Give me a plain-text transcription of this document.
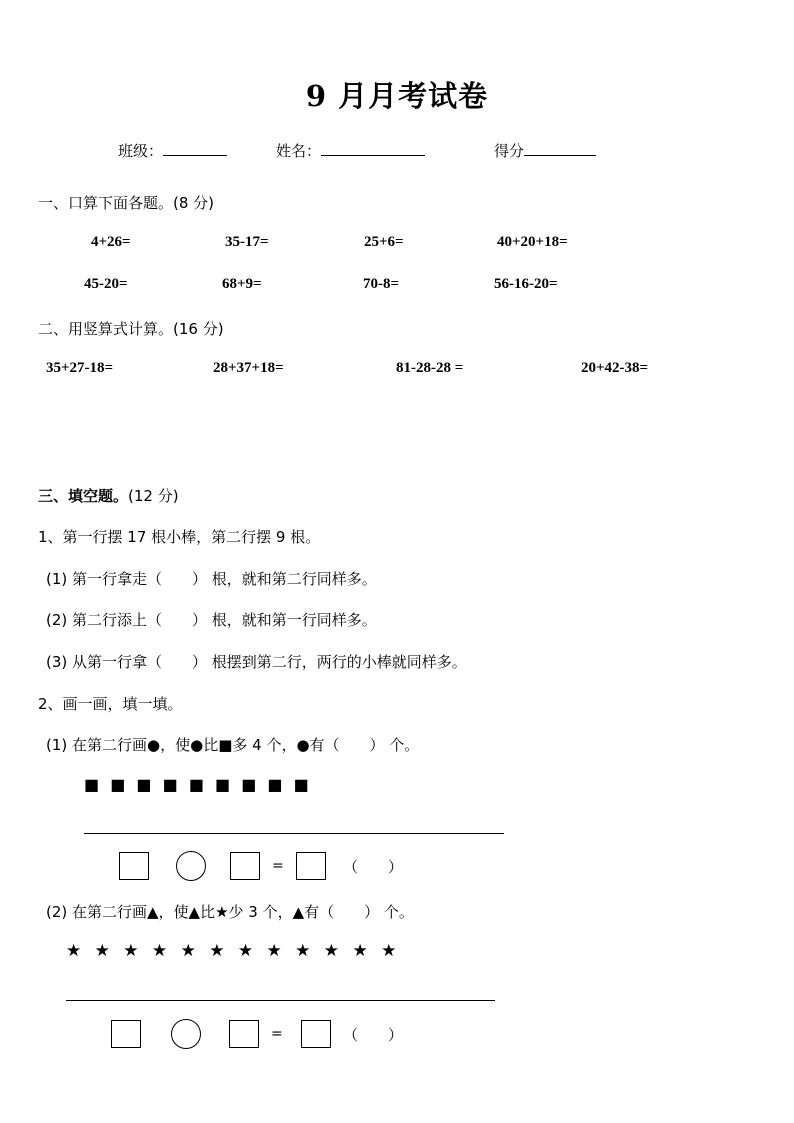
9 月月考试卷
班级：	姓名：	得分
一、口算下面各题。(8 分)
4+26=	35-17=	25+6=	40+20+18=
45-20=	68+9=	70-8=	56-16-20=
二、用竖算式计算。(16 分)
35+27-18=	28+37+18=	81-28-28 =	20+42-38=
三、填空题。(12 分)
1、第一行摆 17 根小棒，第二行摆 9 根。
(1) 第一行拿走（　　） 根，就和第二行同样多。
(2) 第二行添上（　　） 根，就和第一行同样多。
(3) 从第一行拿（　　） 根摆到第二行，两行的小棒就同样多。
2、画一画，填一填。
(1) 在第二行画●，使●比■多 4 个，●有（　　） 个。
■ ■ ■ ■ ■ ■ ■ ■ ■
=	（　　）
(2) 在第二行画▲，使▲比★少 3 个，▲有（　　） 个。
★ ★ ★ ★ ★ ★ ★ ★ ★ ★ ★ ★
=	（　　）
